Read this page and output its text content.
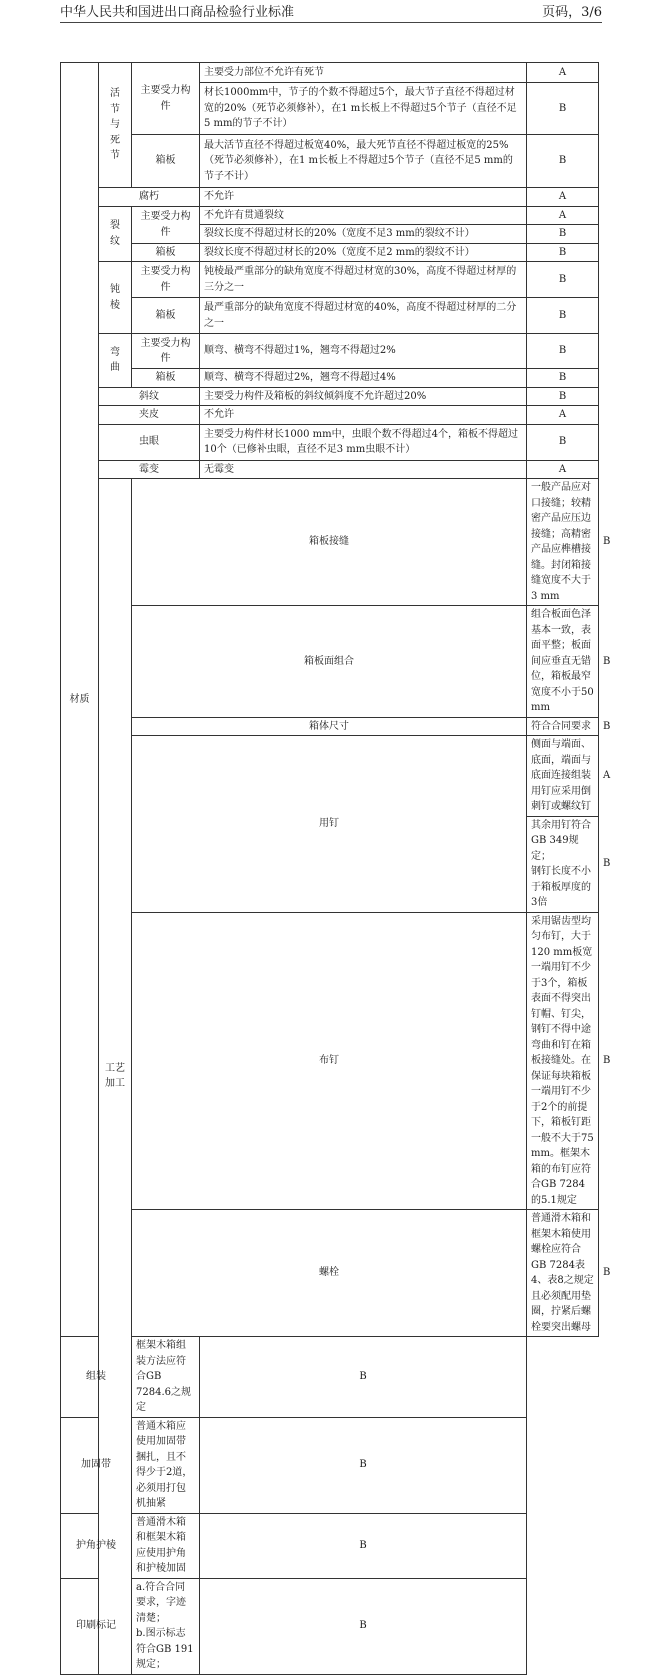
中华人民共和国进出口商品检验行业标准	页码，3/6
材质	活
节
与
死
节	主要受力构件	主要受力部位不允许有死节	A	
			材长1000mm中，节子的个数不得超过5个，最大节子直径不得超过材宽的20%（死节必须修补），在1 m长板上不得超过5个节子（直径不足5 mm的节子不计）	B	
		箱板	最大活节直径不得超过板宽40%，最大死节直径不得超过板宽的25%（死节必须修补），在1 m长板上不得超过5个节子（直径不足5 mm的节子不计）	B	
	腐朽		不允许	A	

	裂
纹	主要受力构件	不允许有贯通裂纹	A	
			裂纹长度不得超过材长的20%（宽度不足3 mm的裂纹不计）	B	
		箱板	裂纹长度不得超过材长的20%（宽度不足2 mm的裂纹不计）	B	

	钝
棱	主要受力构件	钝棱最严重部分的缺角宽度不得超过材宽的30%，高度不得超过材厚的三分之一	B	
		箱板	最严重部分的缺角宽度不得超过材宽的40%，高度不得超过材厚的二分之一	B	

	弯
曲	主要受力构件	顺弯、横弯不得超过1%，翘弯不得超过2%	B	
		箱板	顺弯、横弯不得超过2%，翘弯不得超过4%	B	
	斜纹		主要受力构件及箱板的斜纹倾斜度不允许超过20%	B	
	夹皮		不允许	A	
	虫眼		主要受力构件材长1000 mm中，虫眼个数不得超过4个，箱板不得超过10个（已修补虫眼，直径不足3 mm虫眼不计）	B	
	霉变		无霉变	A	
	工艺加工	箱板接缝		一般产品应对口接缝；较精密产品应压边接缝；高精密产品应榫槽接缝。封闭箱接缝宽度不大于3 mm	B
		箱板面组合		组合板面色泽基本一致，表面平整；板面间应垂直无错位，箱板最窄宽度不小于50 mm	B
		箱体尺寸		符合合同要求	B
		用钉		侧面与端面、底面，端面与底面连接组装用钉应采用倒刺钉或螺纹钉	A
				其余用钉符合GB 349规定；
钢钉长度不小于箱板厚度的3倍	B
		布钉		采用锯齿型均匀布钉，大于120 mm板宽一端用钉不少于3个，箱板表面不得突出钉帽、钉尖，钢钉不得中途弯曲和钉在箱板接缝处。在保证每块箱板一端用钉不少于2个的前提下，箱板钉距一般不大于75 mm。框架木箱的布钉应符合GB 7284的5.1规定	B
		螺栓		普通滑木箱和框架木箱使用螺栓应符合GB 7284表4、表8之规定且必须配用垫圈，拧紧后螺栓要突出螺母	B
组装		框架木箱组装方法应符合GB 7284.6之规定	B		
加固带		普通木箱应使用加固带捆扎，且不得少于2道，必须用打包机抽紧	B		
护角护棱		普通滑木箱和框架木箱应使用护角和护棱加固	B		
印刷标记		a.符合合同要求，字迹清楚；
b.图示标志符合GB 191规定；	B		
